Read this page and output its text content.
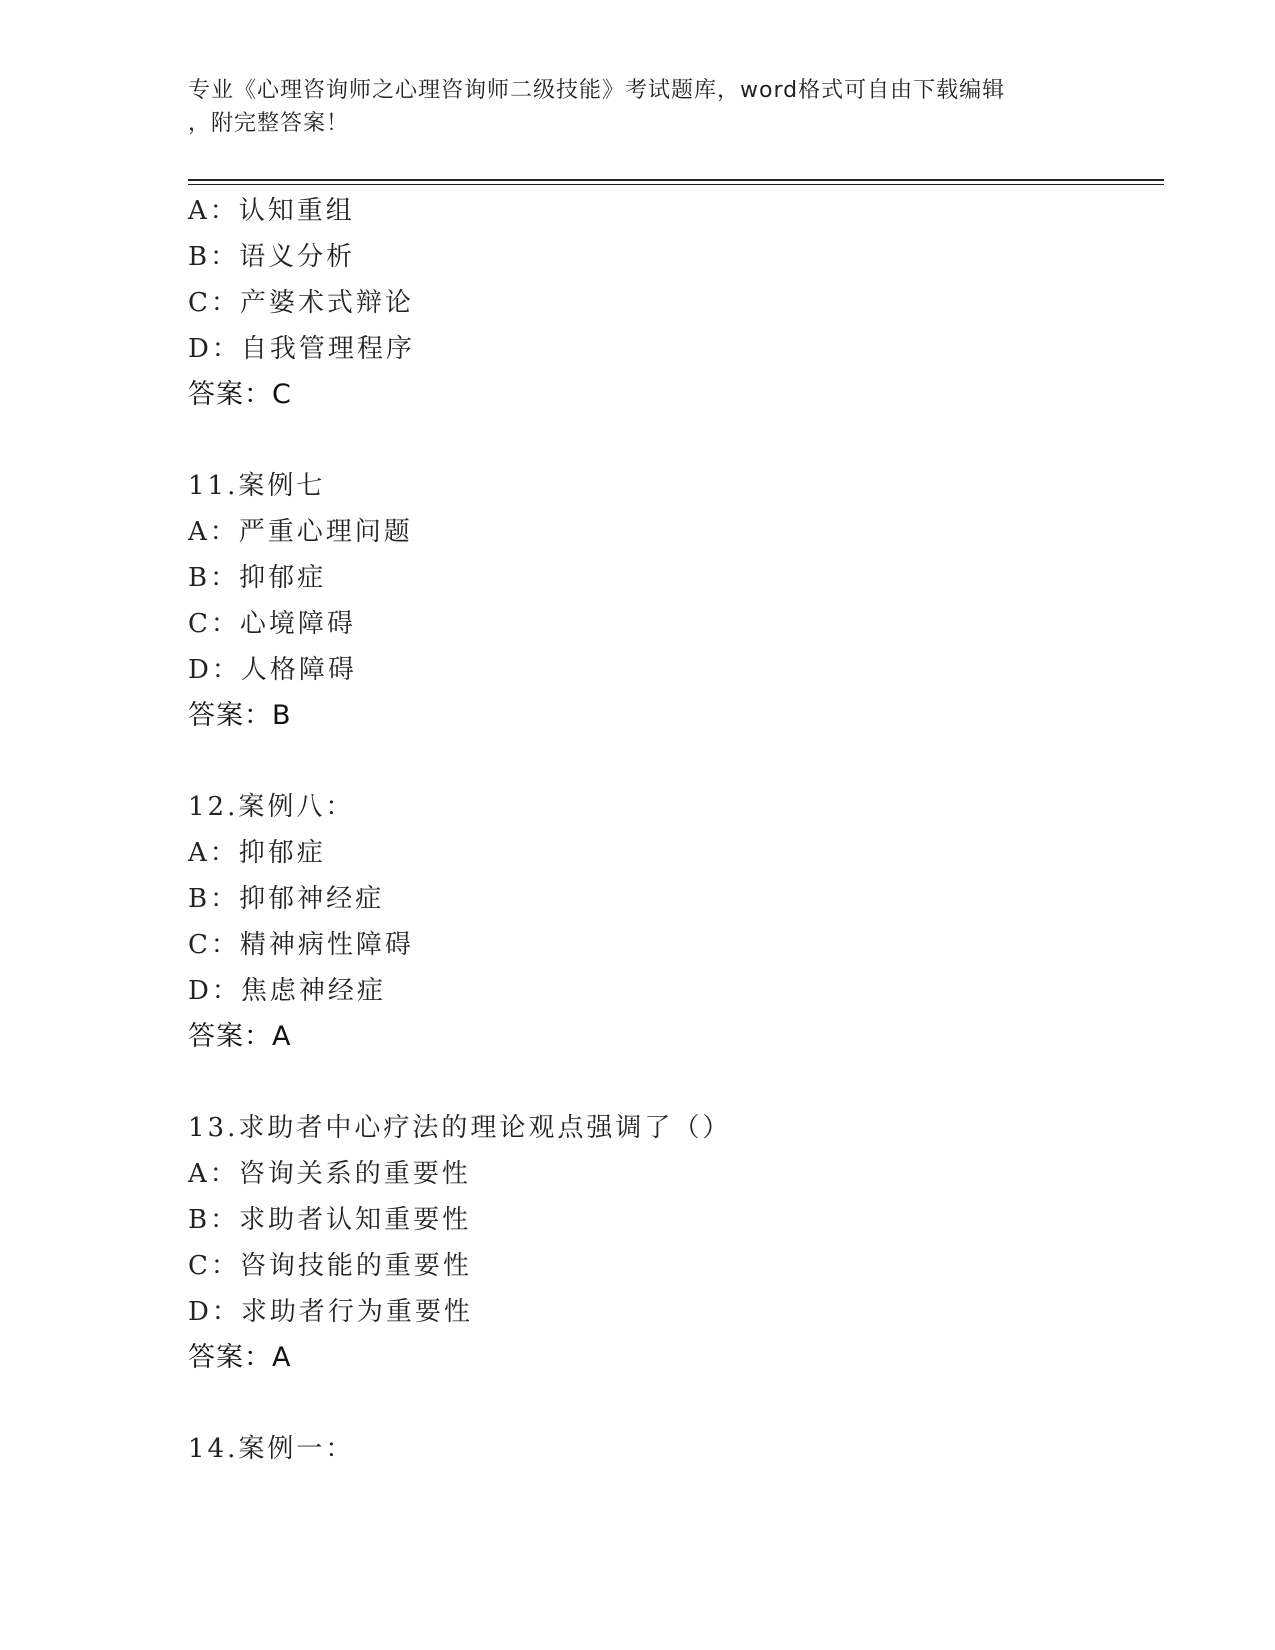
专业《心理咨询师之心理咨询师二级技能》考试题库，word格式可自由下载编辑
，附完整答案！
A：认知重组
B：语义分析
C：产婆术式辩论
D：自我管理程序
答案：C
11.案例七
A：严重心理问题
B：抑郁症
C：心境障碍
D：人格障碍
答案：B
12.案例八：
A：抑郁症
B：抑郁神经症
C：精神病性障碍
D：焦虑神经症
答案：A
13.求助者中心疗法的理论观点强调了（）
A：咨询关系的重要性
B：求助者认知重要性
C：咨询技能的重要性
D：求助者行为重要性
答案：A
14.案例一：
